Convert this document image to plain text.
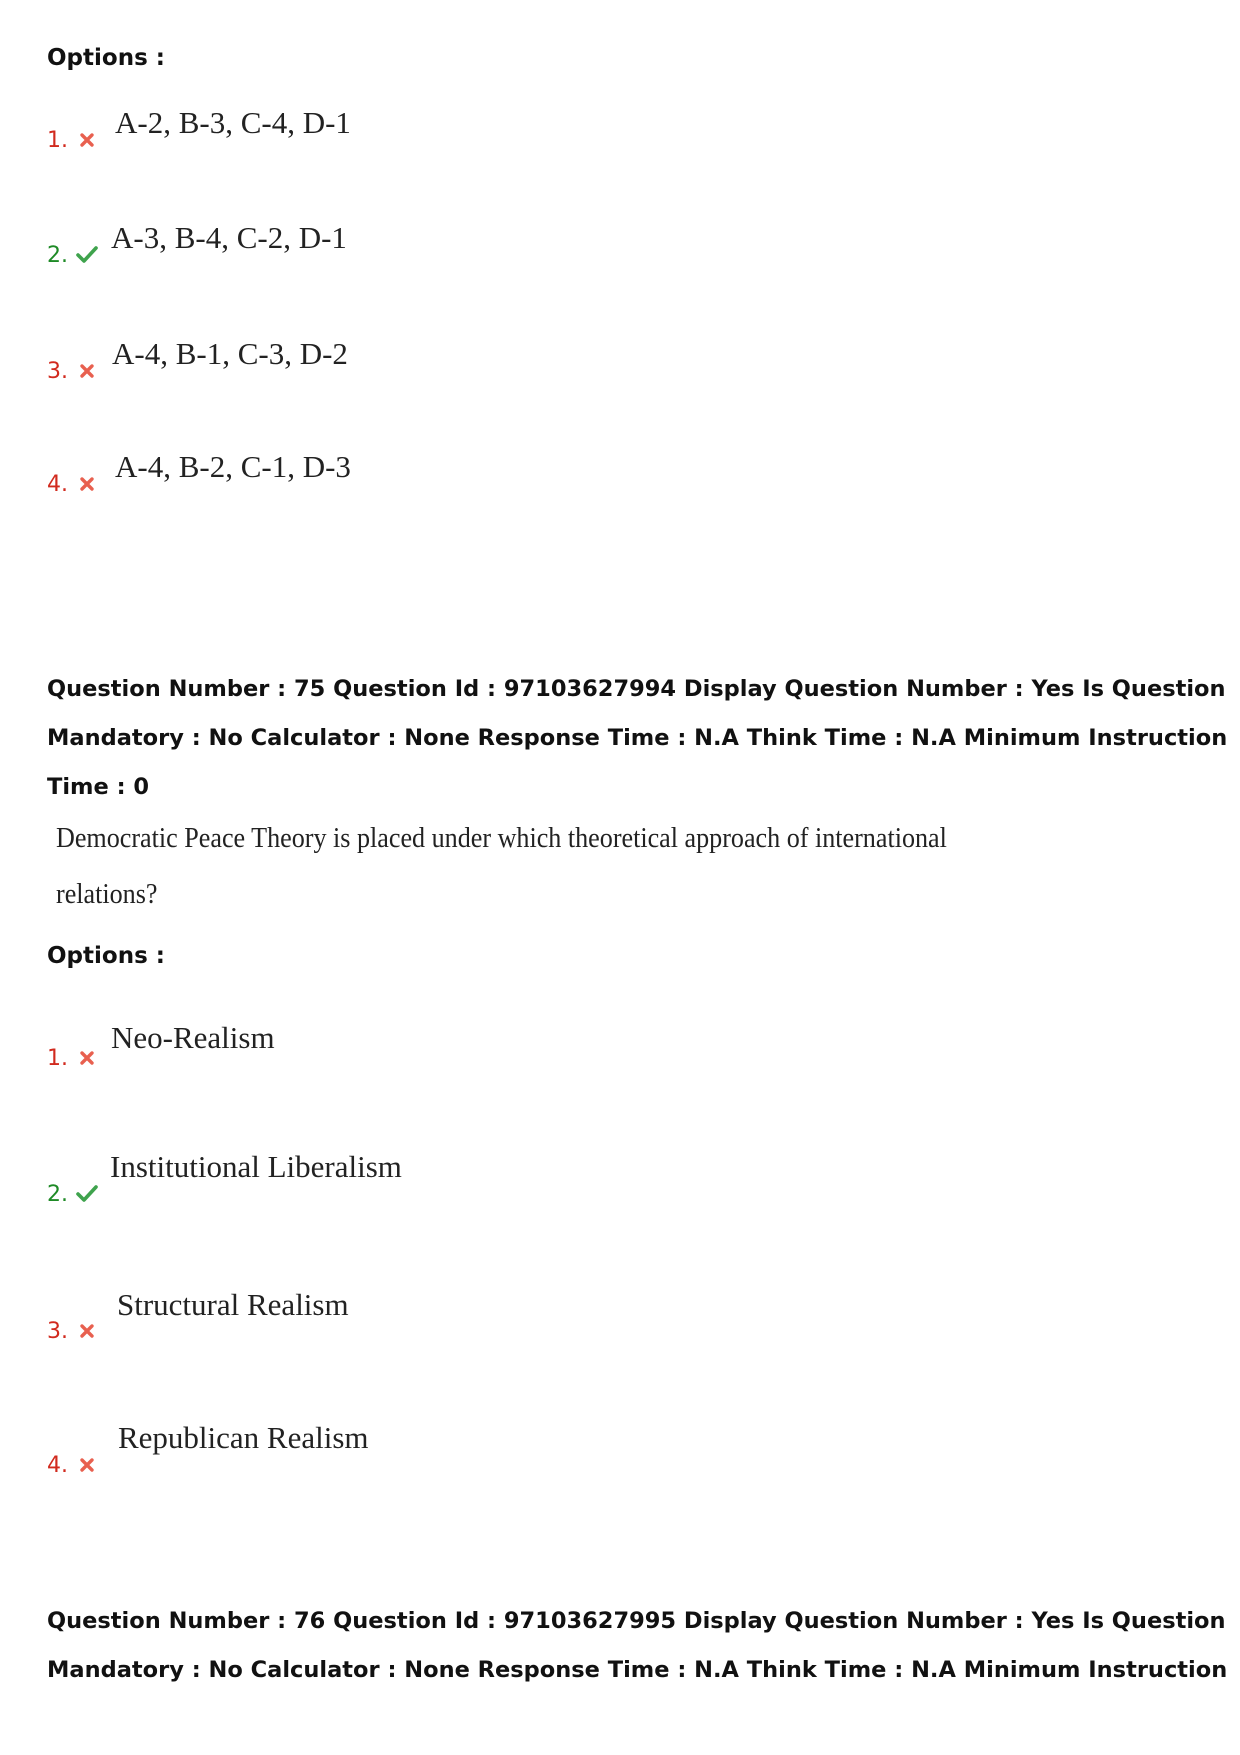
Options :
1.
A-2, B-3, C-4, D-1
2.
A-3, B-4, C-2, D-1
3.
A-4, B-1, C-3, D-2
4.
A-4, B-2, C-1, D-3
Question Number : 75 Question Id : 97103627994 Display Question Number : Yes Is Question
Mandatory : No Calculator : None Response Time : N.A Think Time : N.A Minimum Instruction
Time : 0
Democratic Peace Theory is placed under which theoretical approach of international
relations?
Options :
1.
Neo-Realism
2.
Institutional Liberalism
3.
Structural Realism
4.
Republican Realism
Question Number : 76 Question Id : 97103627995 Display Question Number : Yes Is Question
Mandatory : No Calculator : None Response Time : N.A Think Time : N.A Minimum Instruction
